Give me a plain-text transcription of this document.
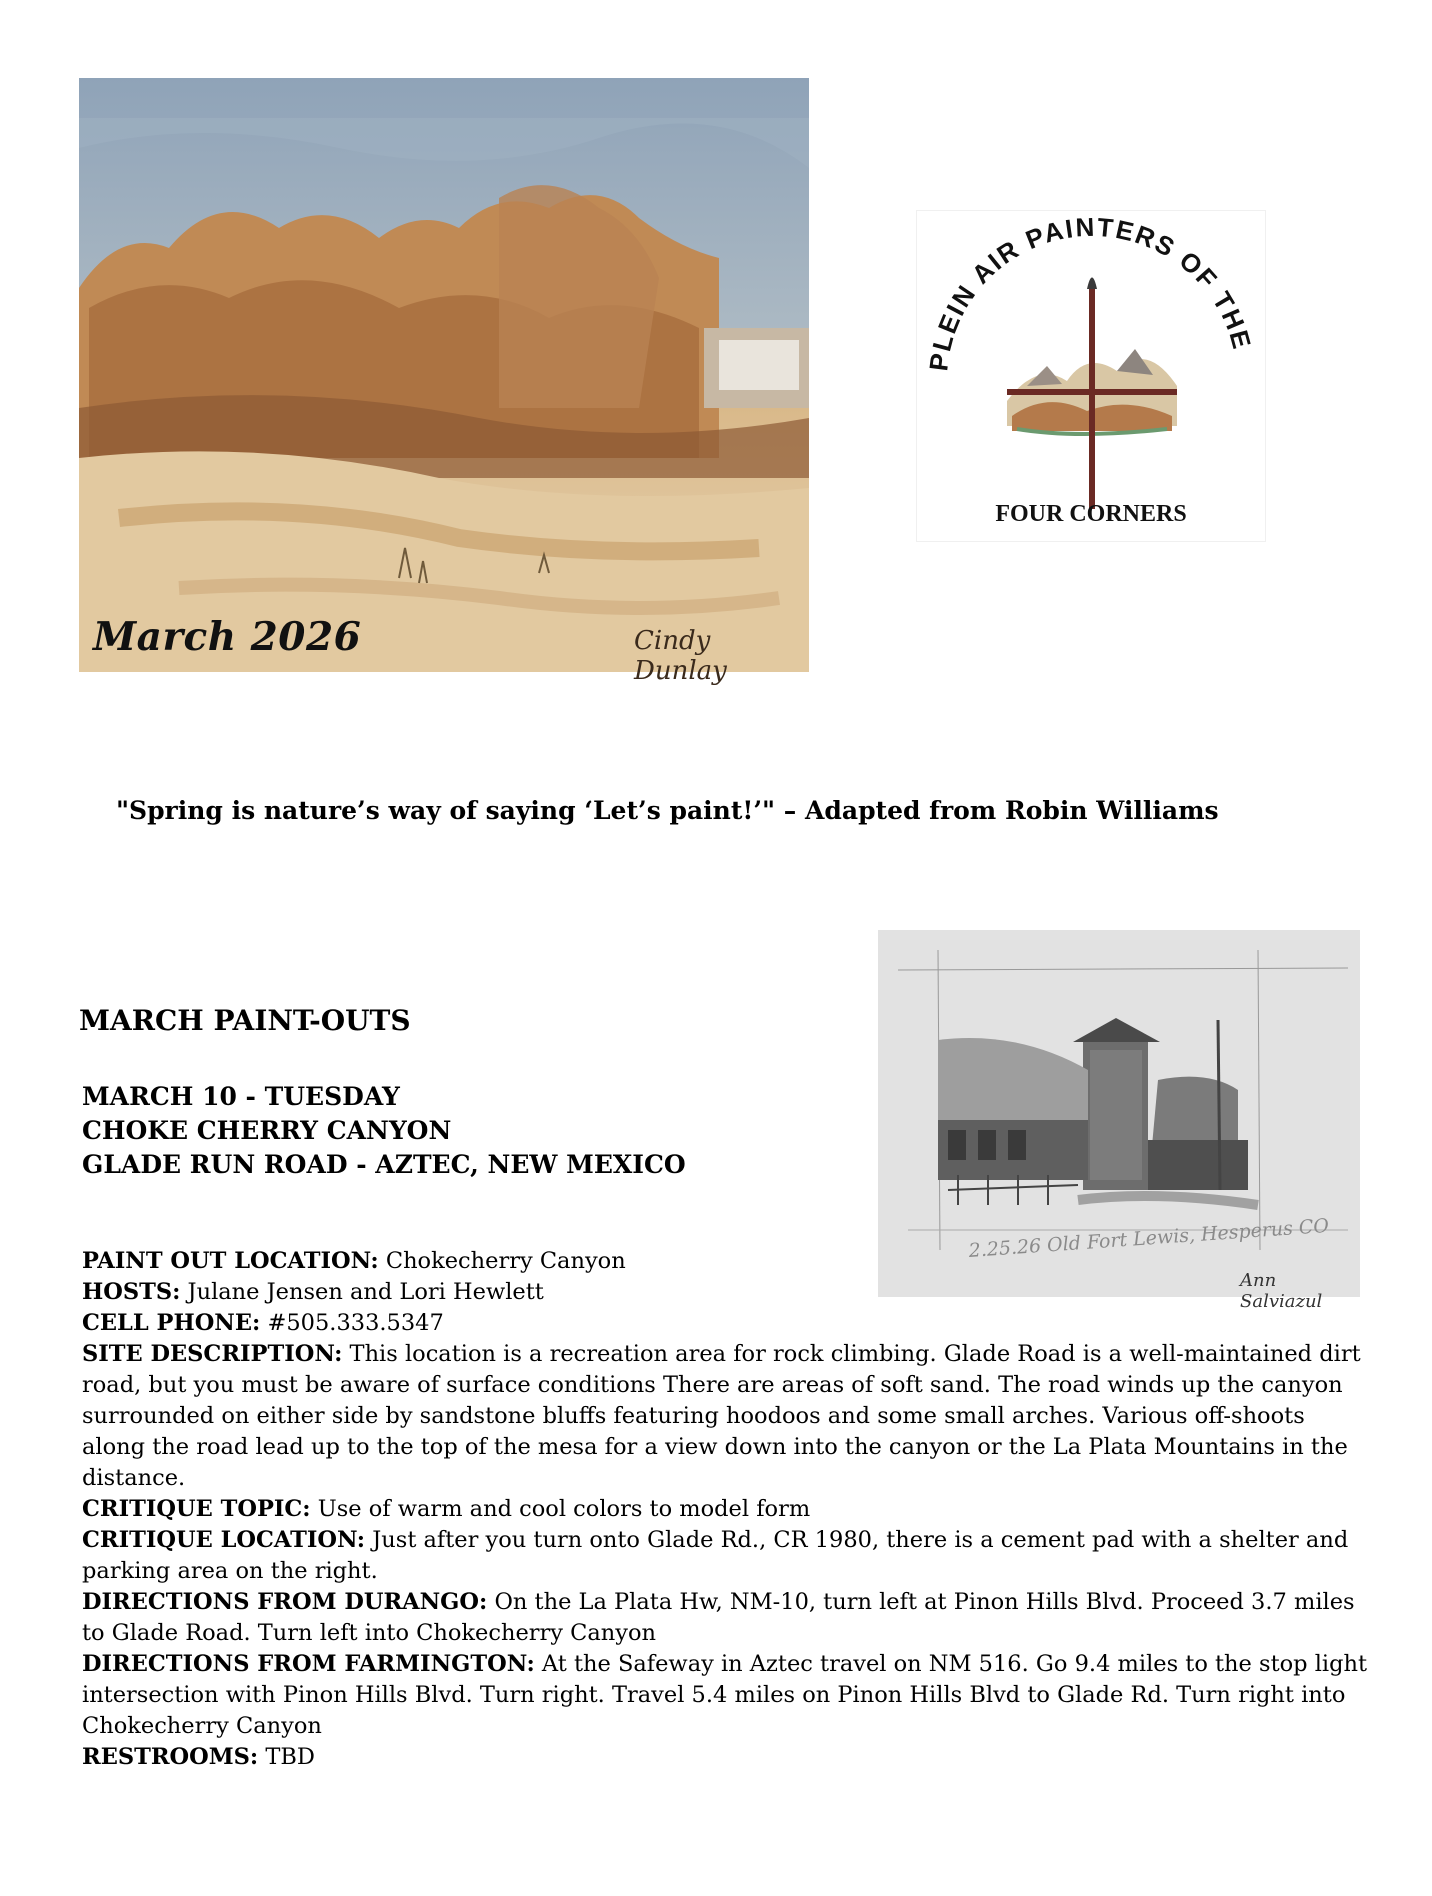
March 2026	Cindy Dunlay
PLEIN AIR PAINTERS OF THE
FOUR CORNERS
"Spring is nature’s way of saying ‘Let’s paint!’" – Adapted from Robin Williams
2.25.26 Old Fort Lewis, Hesperus CO
Ann Salviazul
MARCH PAINT-OUTS
MARCH 10 - TUESDAY
CHOKE CHERRY CANYON
GLADE RUN ROAD - AZTEC, NEW MEXICO

PAINT OUT LOCATION: Chokecherry Canyon

HOSTS: Julane Jensen and Lori Hewlett

CELL PHONE: #505.333.5347

SITE DESCRIPTION: This location is a recreation area for rock climbing. Glade Road is a well-maintained dirt road, but you must be aware of surface conditions There are areas of soft sand. The road winds up the canyon surrounded on either side by sandstone bluffs featuring hoodoos and some small arches. Various off-shoots along the road lead up to the top of the mesa for a view down into the canyon or the La Plata Mountains in the distance.

CRITIQUE TOPIC: Use of warm and cool colors to model form

CRITIQUE LOCATION: Just after you turn onto Glade Rd., CR 1980, there is a cement pad with a shelter and parking area on the right.

DIRECTIONS FROM DURANGO: On the La Plata Hw, NM-10, turn left at Pinon Hills Blvd. Proceed 3.7 miles to Glade Road. Turn left into Chokecherry Canyon

DIRECTIONS FROM FARMINGTON: At the Safeway in Aztec travel on NM 516. Go 9.4 miles to the stop light intersection with Pinon Hills Blvd. Turn right. Travel 5.4 miles on Pinon Hills Blvd to Glade Rd. Turn right into Chokecherry Canyon

RESTROOMS: TBD
